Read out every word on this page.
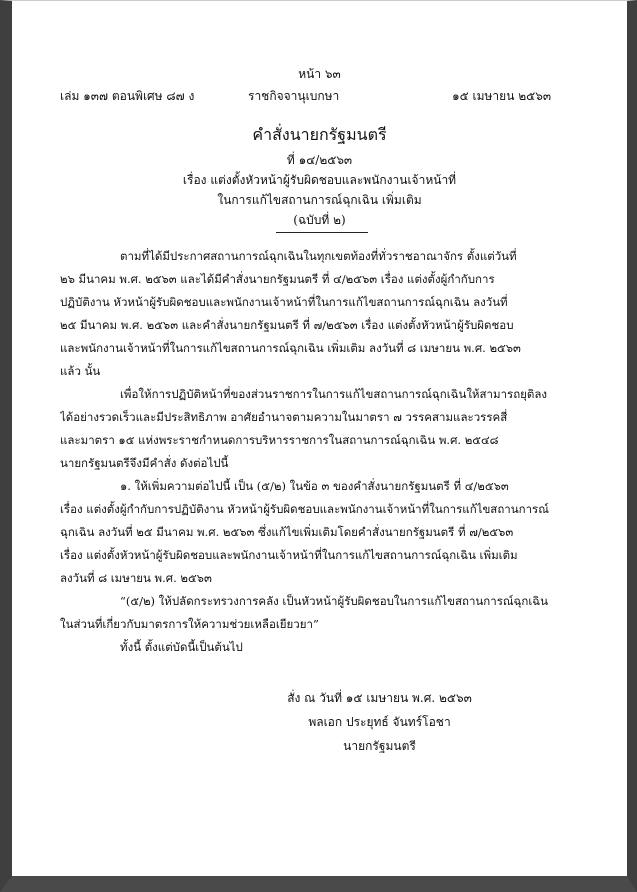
หน้า ๖๓
เล่ม ๑๓๗ ตอนพิเศษ ๘๗ ง	ราชกิจจานุเบกษา	๑๕ เมษายน ๒๕๖๓
คำสั่งนายกรัฐมนตรี
ที่ ๑๔/๒๕๖๓
เรื่อง แต่งตั้งหัวหน้าผู้รับผิดชอบและพนักงานเจ้าหน้าที่
ในการแก้ไขสถานการณ์ฉุกเฉิน เพิ่มเติม
(ฉบับที่ ๒)
ตามที่ได้มีประกาศสถานการณ์ฉุกเฉินในทุกเขตท้องที่ทั่วราชอาณาจักร ตั้งแต่วันที่
๒๖ มีนาคม พ.ศ. ๒๕๖๓ และได้มีคำสั่งนายกรัฐมนตรี ที่ ๔/๒๕๖๓ เรื่อง แต่งตั้งผู้กำกับการ
ปฏิบัติงาน หัวหน้าผู้รับผิดชอบและพนักงานเจ้าหน้าที่ในการแก้ไขสถานการณ์ฉุกเฉิน ลงวันที่
๒๕ มีนาคม พ.ศ. ๒๕๖๓ และคำสั่งนายกรัฐมนตรี ที่ ๗/๒๕๖๓ เรื่อง แต่งตั้งหัวหน้าผู้รับผิดชอบ
และพนักงานเจ้าหน้าที่ในการแก้ไขสถานการณ์ฉุกเฉิน เพิ่มเติม ลงวันที่ ๘ เมษายน พ.ศ. ๒๕๖๓
แล้ว นั้น
เพื่อให้การปฏิบัติหน้าที่ของส่วนราชการในการแก้ไขสถานการณ์ฉุกเฉินให้สามารถยุติลง
ได้อย่างรวดเร็วและมีประสิทธิภาพ อาศัยอำนาจตามความในมาตรา ๗ วรรคสามและวรรคสี่
และมาตรา ๑๕ แห่งพระราชกำหนดการบริหารราชการในสถานการณ์ฉุกเฉิน พ.ศ. ๒๕๔๘
นายกรัฐมนตรีจึงมีคำสั่ง ดังต่อไปนี้
๑. ให้เพิ่มความต่อไปนี้ เป็น (๕/๒) ในข้อ ๓ ของคำสั่งนายกรัฐมนตรี ที่ ๔/๒๕๖๓
เรื่อง แต่งตั้งผู้กำกับการปฏิบัติงาน หัวหน้าผู้รับผิดชอบและพนักงานเจ้าหน้าที่ในการแก้ไขสถานการณ์
ฉุกเฉิน ลงวันที่ ๒๕ มีนาคม พ.ศ. ๒๕๖๓ ซึ่งแก้ไขเพิ่มเติมโดยคำสั่งนายกรัฐมนตรี ที่ ๗/๒๕๖๓
เรื่อง แต่งตั้งหัวหน้าผู้รับผิดชอบและพนักงานเจ้าหน้าที่ในการแก้ไขสถานการณ์ฉุกเฉิน เพิ่มเติม
ลงวันที่ ๘ เมษายน พ.ศ. ๒๕๖๓
“(๕/๒) ให้ปลัดกระทรวงการคลัง เป็นหัวหน้าผู้รับผิดชอบในการแก้ไขสถานการณ์ฉุกเฉิน
ในส่วนที่เกี่ยวกับมาตรการให้ความช่วยเหลือเยียวยา”
ทั้งนี้ ตั้งแต่บัดนี้เป็นต้นไป
สั่ง ณ วันที่ ๑๕ เมษายน พ.ศ. ๒๕๖๓
พลเอก ประยุทธ์ จันทร์โอชา
นายกรัฐมนตรี
